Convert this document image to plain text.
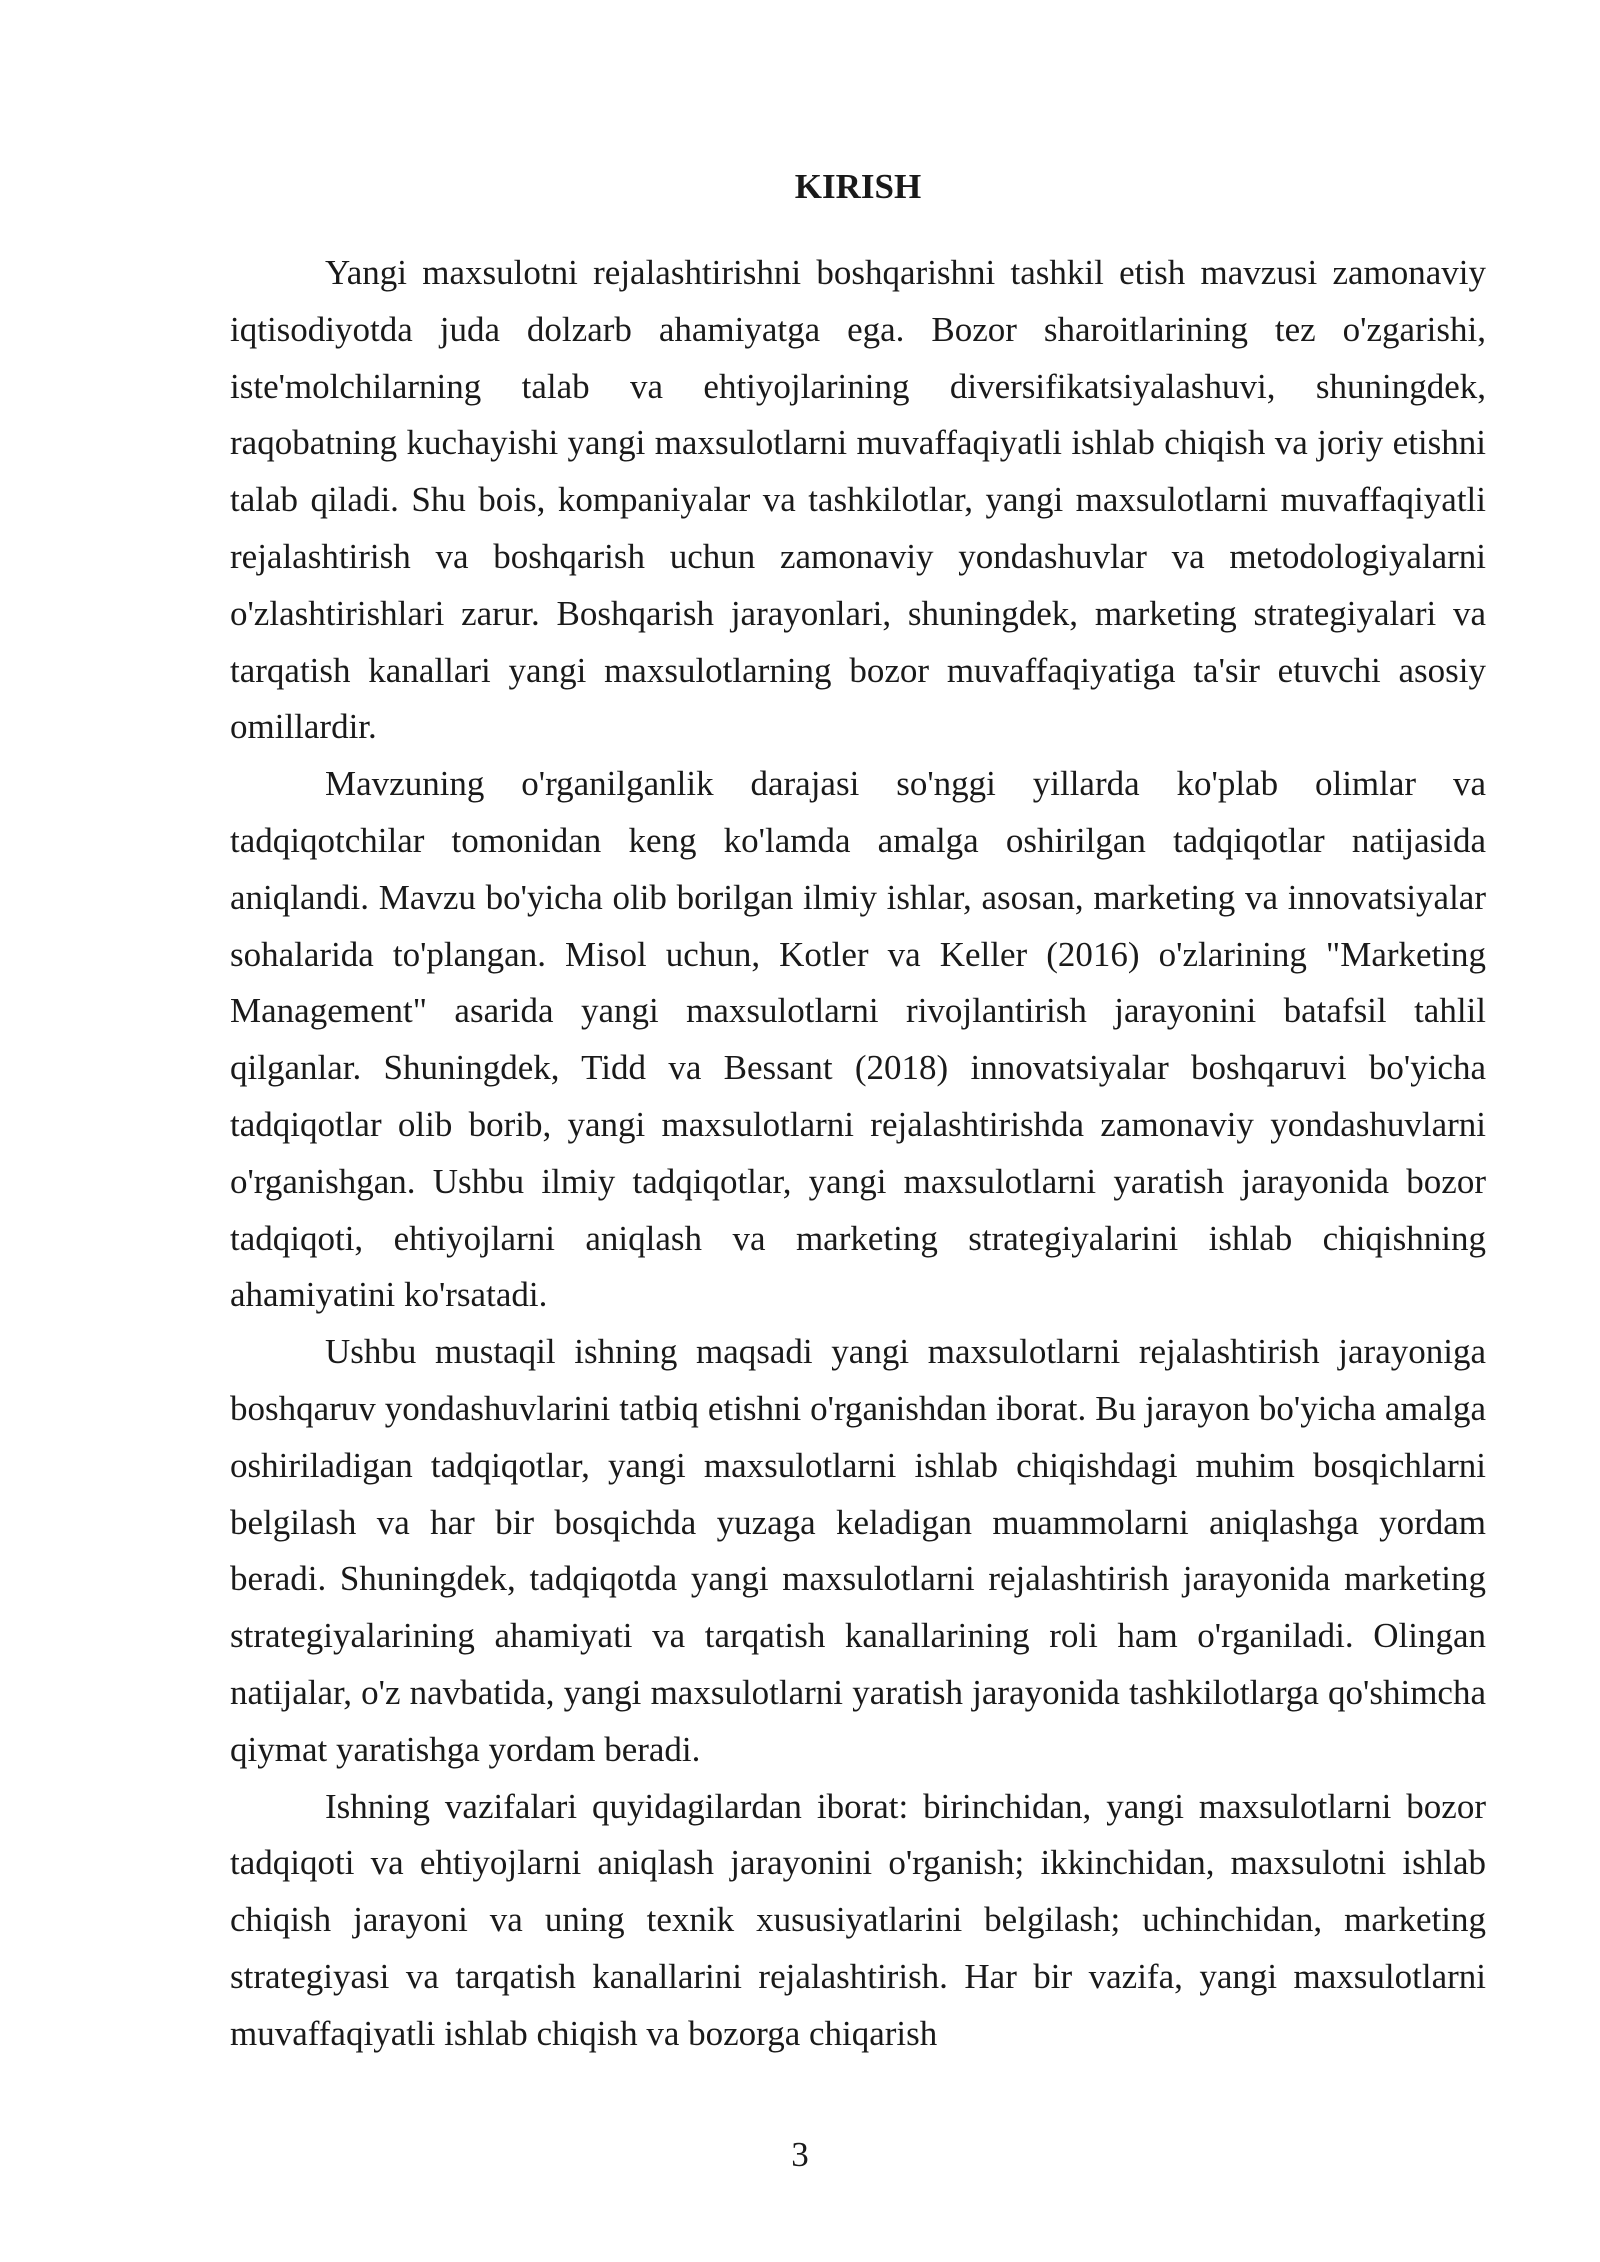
KIRISH

Yangi maxsulotni rejalashtirishni boshqarishni tashkil etish mavzusi zamonaviy iqtisodiyotda juda dolzarb ahamiyatga ega. Bozor sharoitlarining tez o'zgarishi, iste'molchilarning talab va ehtiyojlarining diversifikatsiyalashuvi, shuningdek, raqobatning kuchayishi yangi maxsulotlarni muvaffaqiyatli ishlab chiqish va joriy etishni talab qiladi. Shu bois, kompaniyalar va tashkilotlar, yangi maxsulotlarni muvaffaqiyatli rejalashtirish va boshqarish uchun zamonaviy yondashuvlar va metodologiyalarni o'zlashtirishlari zarur. Boshqarish jarayonlari, shuningdek, marketing strategiyalari va tarqatish kanallari yangi maxsulotlarning bozor muvaffaqiyatiga ta'sir etuvchi asosiy omillardir.

Mavzuning o'rganilganlik darajasi so'nggi yillarda ko'plab olimlar va tadqiqotchilar tomonidan keng ko'lamda amalga oshirilgan tadqiqotlar natijasida aniqlandi. Mavzu bo'yicha olib borilgan ilmiy ishlar, asosan, marketing va innovatsiyalar sohalarida to'plangan. Misol uchun, Kotler va Keller (2016) o'zlarining "Marketing Management" asarida yangi maxsulotlarni rivojlantirish jarayonini batafsil tahlil qilganlar. Shuningdek, Tidd va Bessant (2018) innovatsiyalar boshqaruvi bo'yicha tadqiqotlar olib borib, yangi maxsulotlarni rejalashtirishda zamonaviy yondashuvlarni o'rganishgan. Ushbu ilmiy tadqiqotlar, yangi maxsulotlarni yaratish jarayonida bozor tadqiqoti, ehtiyojlarni aniqlash va marketing strategiyalarini ishlab chiqishning ahamiyatini ko'rsatadi.

Ushbu mustaqil ishning maqsadi yangi maxsulotlarni rejalashtirish jarayoniga boshqaruv yondashuvlarini tatbiq etishni o'rganishdan iborat. Bu jarayon bo'yicha amalga oshiriladigan tadqiqotlar, yangi maxsulotlarni ishlab chiqishdagi muhim bosqichlarni belgilash va har bir bosqichda yuzaga keladigan muammolarni aniqlashga yordam beradi. Shuningdek, tadqiqotda yangi maxsulotlarni rejalashtirish jarayonida marketing strategiyalarining ahamiyati va tarqatish kanallarining roli ham o'rganiladi. Olingan natijalar, o'z navbatida, yangi maxsulotlarni yaratish jarayonida tashkilotlarga qo'shimcha qiymat yaratishga yordam beradi.

Ishning vazifalari quyidagilardan iborat: birinchidan, yangi maxsulotlarni bozor tadqiqoti va ehtiyojlarni aniqlash jarayonini o'rganish; ikkinchidan, maxsulotni ishlab chiqish jarayoni va uning texnik xususiyatlarini belgilash; uchinchidan, marketing strategiyasi va tarqatish kanallarini rejalashtirish. Har bir vazifa, yangi maxsulotlarni muvaffaqiyatli ishlab chiqish va bozorga chiqarish

3
